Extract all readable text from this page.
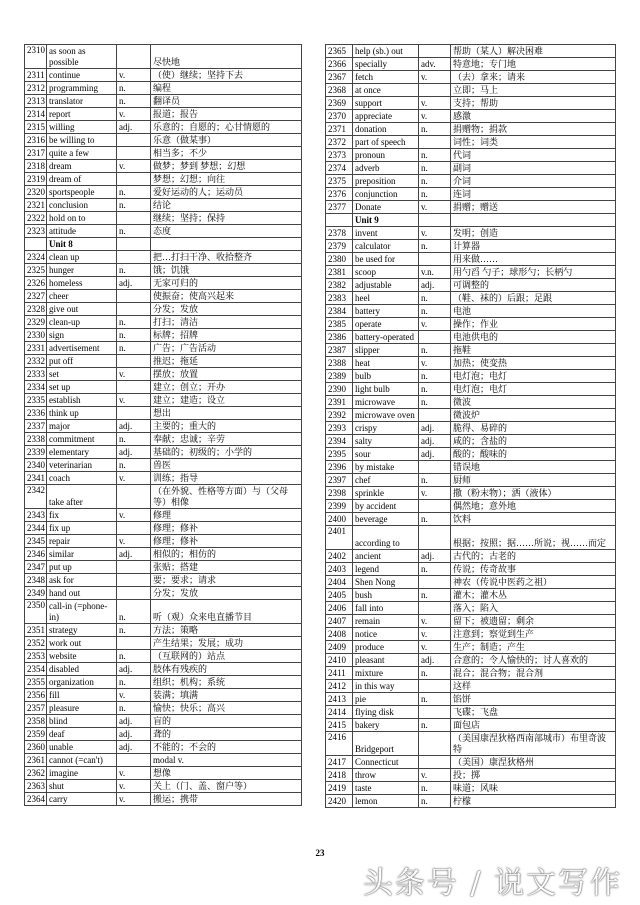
2310	as soon as possible		尽快地
2311	continue	v.	（使）继续；坚持下去
2312	programming	n.	编程
2313	translator	n.	翻译员
2314	report	v.	报道；报告
2315	willing	adj.	乐意的；自愿的；心甘情愿的
2316	be willing to		乐意（做某事）
2317	quite a few		相当多；不少
2318	dream	v.	做梦；梦到 梦想；幻想
2319	dream of		梦想；幻想；向往
2320	sportspeople	n.	爱好运动的人；运动员
2321	conclusion	n.	结论
2322	hold on to		继续；坚持；保持
2323	attitude	n.	态度
	Unit 8		
2324	clean up		把…打扫干净、收拾整齐
2325	hunger	n.	饿；饥饿
2326	homeless	adj.	无家可归的
2327	cheer		使振奋；使高兴起来
2328	give out		分发；发放
2329	clean-up	n.	打扫；清洁
2330	sign	n.	标牌；招牌
2331	advertisement	n.	广告；广告活动
2332	put off		推迟；拖延
2333	set	v.	摆放；放置
2334	set up		建立；创立；开办
2335	establish	v.	建立；建造；设立
2336	think up		想出
2337	major	adj.	主要的；重大的
2338	commitment	n.	奉献；忠诚；辛劳
2339	elementary	adj.	基础的；初级的；小学的
2340	veterinarian	n.	兽医
2341	coach	v.	训练；指导
2342	take after		（在外貌、性格等方面）与（父母等）相像
2343	fix	v.	修理
2344	fix up		修理；修补
2345	repair	v.	修理；修补
2346	similar	adj.	相似的；相仿的
2347	put up		张贴；搭建
2348	ask for		要；要求；请求
2349	hand out		分发；发放
2350	call-in (=phone-in)	n.	听（观）众来电直播节目
2351	strategy	n.	方法；策略
2352	work out		产生结果；发展；成功
2353	website	n.	（互联网的）站点
2354	disabled	adj.	肢体有残疾的
2355	organization	n.	组织；机构；系统
2356	fill	v.	装满；填满
2357	pleasure	n.	愉快；快乐；高兴
2358	blind	adj.	盲的
2359	deaf	adj.	聋的
2360	unable	adj.	不能的；不会的
2361	cannot (=can't)		modal v.
2362	imagine	v.	想像
2363	shut	v.	关上（门、盖、窗户等）
2364	carry	v.	搬运；携带
2365	help (sb.) out		帮助（某人）解决困难
2366	specially	adv.	特意地；专门地
2367	fetch	v.	（去）拿来；请来
2368	at once		立即；马上
2369	support	v.	支持；帮助
2370	appreciate	v.	感激
2371	donation	n.	捐赠物；捐款
2372	part of speech		词性；词类
2373	pronoun	n.	代词
2374	adverb	n.	副词
2375	preposition	n.	介词
2376	conjunction	n.	连词
2377	Donate	v.	捐赠；赠送
	Unit 9		
2378	invent	v.	发明；创造
2379	calculator	n.	计算器
2380	be used for		用来做……
2381	scoop	v.n.	用勺舀 勺子；球形勺；长柄勺
2382	adjustable	adj.	可调整的
2383	heel	n.	（鞋、袜的）后跟；足跟
2384	battery	n.	电池
2385	operate	v.	操作；作业
2386	battery-operated		电池供电的
2387	slipper	n.	拖鞋
2388	heat	v.	加热；使变热
2389	bulb	n.	电灯泡；电灯
2390	light bulb	n.	电灯泡；电灯
2391	microwave	n.	微波
2392	microwave oven		微波炉
2393	crispy	adj.	脆得、易碎的
2394	salty	adj.	咸的；含盐的
2395	sour	adj.	酸的；酸味的
2396	by mistake		错误地
2397	chef	n.	厨师
2398	sprinkle	v.	撒（粉末物）；洒（液体）
2399	by accident		偶然地；意外地
2400	beverage	n.	饮料
2401	according to		根据；按照；据……所说；视……而定
2402	ancient	adj.	古代的；古老的
2403	legend	n.	传说；传奇故事
2404	Shen Nong		神农（传说中医药之祖）
2405	bush	n.	灌木；灌木丛
2406	fall into		落入；陷入
2407	remain	v.	留下；被遗留；剩余
2408	notice	v.	注意到；察觉到生产
2409	produce	v.	生产；制造；产生
2410	pleasant	adj.	合意的；令人愉快的；讨人喜欢的
2411	mixture	n.	混合；混合物；混合剂
2412	in this way		这样
2413	pie	n.	馅饼
2414	flying disk		飞碟；飞盘
2415	bakery	n.	面包店
2416	Bridgeport		（美国康涅狄格西南部城市）布里奇波特
2417	Connecticut		（美国）康涅狄格州
2418	throw	v.	投；掷
2419	taste	n.	味道；风味
2420	lemon	n.	柠檬
23
头条号 / 说文写作
